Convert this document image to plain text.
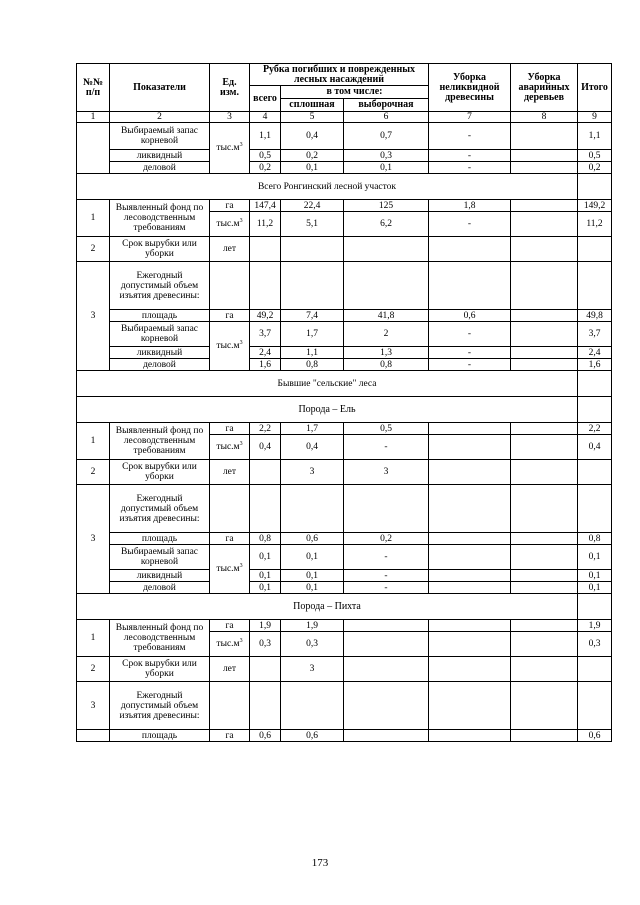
№№ п/п	Показатели	Ед. изм.	Рубка погибших и поврежденных лесных насаждений			Уборка неликвидной древесины	Уборка аварийных деревьев	Итого
			всего	в том числе:				
				сплошная	выборочная			
1	2	3	4	5	6	7	8	9
	Выбираемый запас корневой	$тыс.м^3$	1,1	0,4	0,7	-		1,1
	ликвидный		0,5	0,2	0,3	-		0,5
	деловой		0,2	0,1	0,1	-		0,2
Всего Ронгинский лесной участок								
1	Выявленный фонд по лесоводственным требованиям	га	147,4	22,4	125	1,8		149,2
		$тыс.м^3$	11,2	5,1	6,2	-		11,2

2	Срок вырубки или уборки	лет						
3	Ежегодный допустимый объем изъятия древесины:							
	площадь	га	49,2	7,4	41,8	0,6		49,8
	Выбираемый запас корневой	$тыс.м^3$	3,7	1,7	2	-		3,7
	ликвидный		2,4	1,1	1,3	-		2,4
	деловой		1,6	0,8	0,8	-		1,6
Бывшие "сельские" леса								
Порода – Ель								
1	Выявленный фонд по лесоводственным требованиям	га	2,2	1,7	0,5			2,2
		$тыс.м^3$	0,4	0,4	-			0,4

2	Срок вырубки или уборки	лет		3	3			
3	Ежегодный допустимый объем изъятия древесины:							
	площадь	га	0,8	0,6	0,2			0,8
	Выбираемый запас корневой	$тыс.м^3$	0,1	0,1	-			0,1
	ликвидный		0,1	0,1	-			0,1
	деловой		0,1	0,1	-			0,1
Порода – Пихта								
1	Выявленный фонд по лесоводственным требованиям	га	1,9	1,9				1,9
		$тыс.м^3$	0,3	0,3				0,3

2	Срок вырубки или уборки	лет		3				
3	Ежегодный допустимый объем изъятия древесины:							
	площадь	га	0,6	0,6				0,6
173
